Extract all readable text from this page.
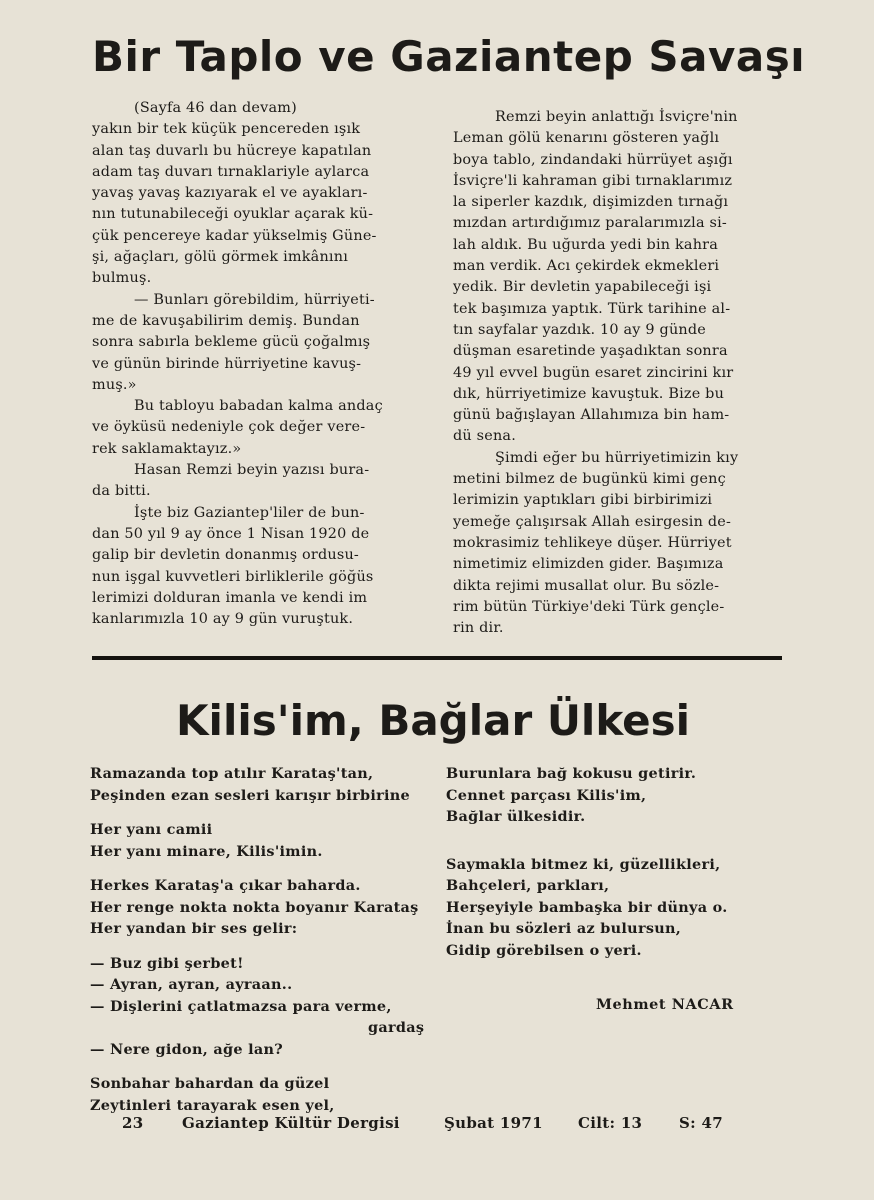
Bir Taplo ve Gaziantep Savaşı
(Sayfa 46 dan devam)
yakın bir tek küçük pencereden ışık
alan taş duvarlı bu hücreye kapatılan
adam taş duvarı tırnaklariyle aylarca
yavaş yavaş kazıyarak el ve ayakları-
nın tutunabileceği oyuklar açarak kü-
çük pencereye kadar yükselmiş Güne-
şi, ağaçları, gölü görmek imkânını
bulmuş.
— Bunları görebildim, hürriyeti-
me de kavuşabilirim demiş. Bundan
sonra sabırla bekleme gücü çoğalmış
ve günün birinde hürriyetine kavuş-
muş.»
Bu tabloyu babadan kalma andaç
ve öyküsü nedeniyle çok değer vere-
rek saklamaktayız.»
Hasan Remzi beyin yazısı bura-
da bitti.
İşte biz Gaziantep'liler de bun-
dan 50 yıl 9 ay önce 1 Nisan 1920 de
galip bir devletin donanmış ordusu-
nun işgal kuvvetleri birliklerile göğüs
lerimizi dolduran imanla ve kendi im
kanlarımızla 10 ay 9 gün vuruştuk.
Remzi beyin anlattığı İsviçre'nin
Leman gölü kenarını gösteren yağlı
boya tablo, zindandaki hürrüyet aşığı
İsviçre'li kahraman gibi tırnaklarımız
la siperler kazdık, dişimizden tırnağı
mızdan artırdığımız paralarımızla si-
lah aldık. Bu uğurda yedi bin kahra
man verdik. Acı çekirdek ekmekleri
yedik. Bir devletin yapabileceği işi
tek başımıza yaptık. Türk tarihine al-
tın sayfalar yazdık. 10 ay 9 günde
düşman esaretinde yaşadıktan sonra
49 yıl evvel bugün esaret zincirini kır
dık, hürriyetimize kavuştuk. Bize bu
günü bağışlayan Allahımıza bin ham-
dü sena.
Şimdi eğer bu hürriyetimizin kıy
metini bilmez de bugünkü kimi genç
lerimizin yaptıkları gibi birbirimizi
yemeğe çalışırsak Allah esirgesin de-
mokrasimiz tehlikeye düşer. Hürriyet
nimetimiz elimizden gider. Başımıza
dikta rejimi musallat olur. Bu sözle-
rim bütün Türkiye'deki Türk gençle-
rin dir.
Kilis'im, Bağlar Ülkesi
Ramazanda top atılır Karataş'tan,
Peşinden ezan sesleri karışır birbirine
Her yanı camii
Her yanı minare, Kilis'imin.
Herkes Karataş'a çıkar baharda.
Her renge nokta nokta boyanır Karataş
Her yandan bir ses gelir:
— Buz gibi şerbet!
— Ayran, ayran, ayraan..
— Dişlerini çatlatmazsa para verme,
gardaş
— Nere gidon, ağe lan?
Sonbahar bahardan da güzel
Zeytinleri tarayarak esen yel,
Burunlara bağ kokusu getirir.
Cennet parçası Kilis'im,
Bağlar ülkesidir.
Saymakla bitmez ki, güzellikleri,
Bahçeleri, parkları,
Herşeyiyle bambaşka bir dünya o.
İnan bu sözleri az bulursun,
Gidip görebilsen o yeri.
Mehmet NACAR
23	Gaziantep Kültür Dergisi	Şubat 1971 Cilt: 13 S: 47
